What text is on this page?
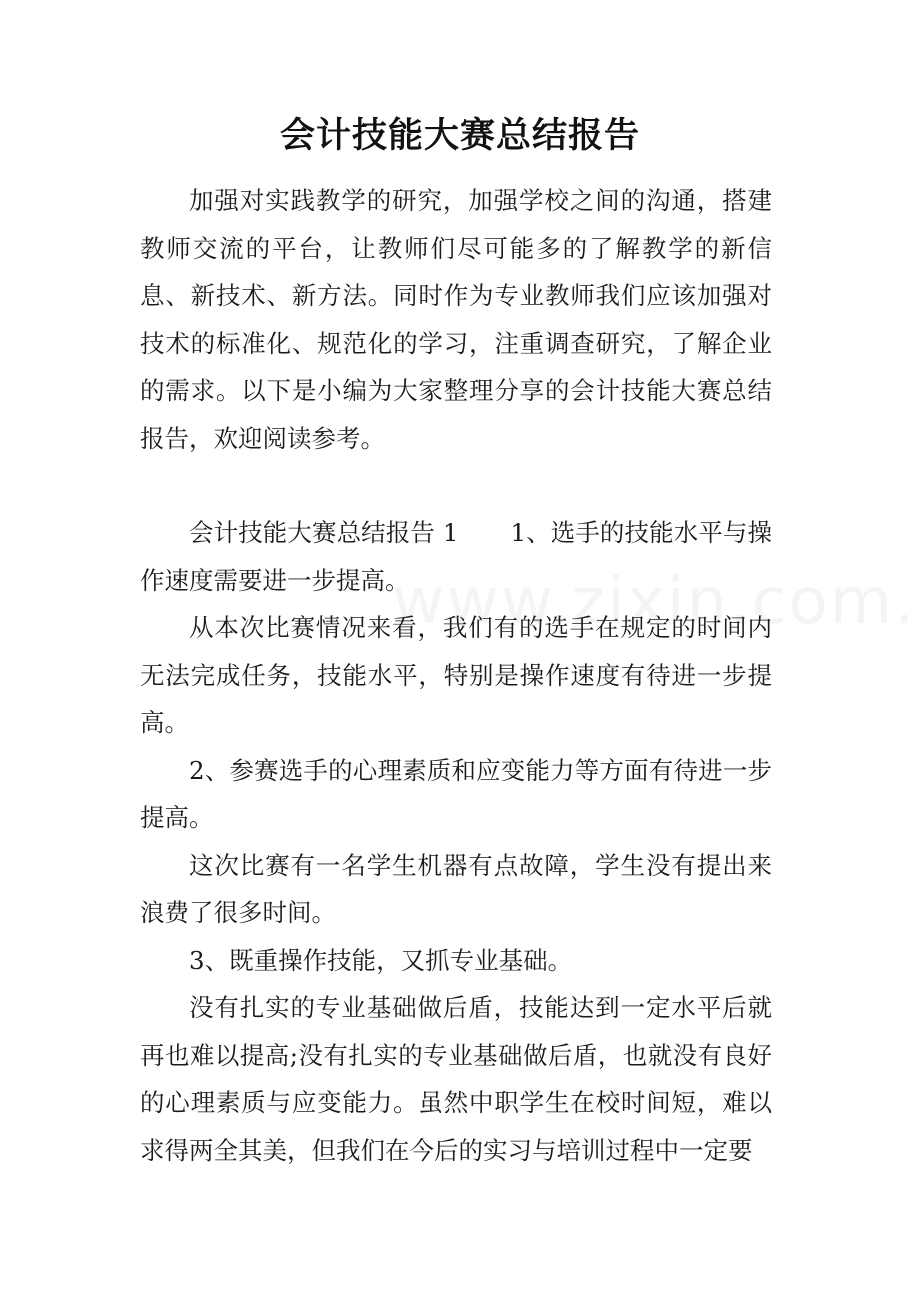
会计技能大赛总结报告

加强对实践教学的研究，加强学校之间的沟通，搭建教师交流的平台，让教师们尽可能多的了解教学的新信息、新技术、新方法。同时作为专业教师我们应该加强对技术的标准化、规范化的学习，注重调查研究，了解企业的需求。以下是小编为大家整理分享的会计技能大赛总结报告，欢迎阅读参考。

会计技能大赛总结报告 1 1、选手的技能水平与操作速度需要进一步提高。

从本次比赛情况来看，我们有的选手在规定的时间内无法完成任务，技能水平，特别是操作速度有待进一步提高。

2、参赛选手的心理素质和应变能力等方面有待进一步提高。

这次比赛有一名学生机器有点故障，学生没有提出来浪费了很多时间。

3、既重操作技能，又抓专业基础。

没有扎实的专业基础做后盾，技能达到一定水平后就再也难以提高;没有扎实的专业基础做后盾，也就没有良好的心理素质与应变能力。虽然中职学生在校时间短，难以求得两全其美，但我们在今后的实习与培训过程中一定要
